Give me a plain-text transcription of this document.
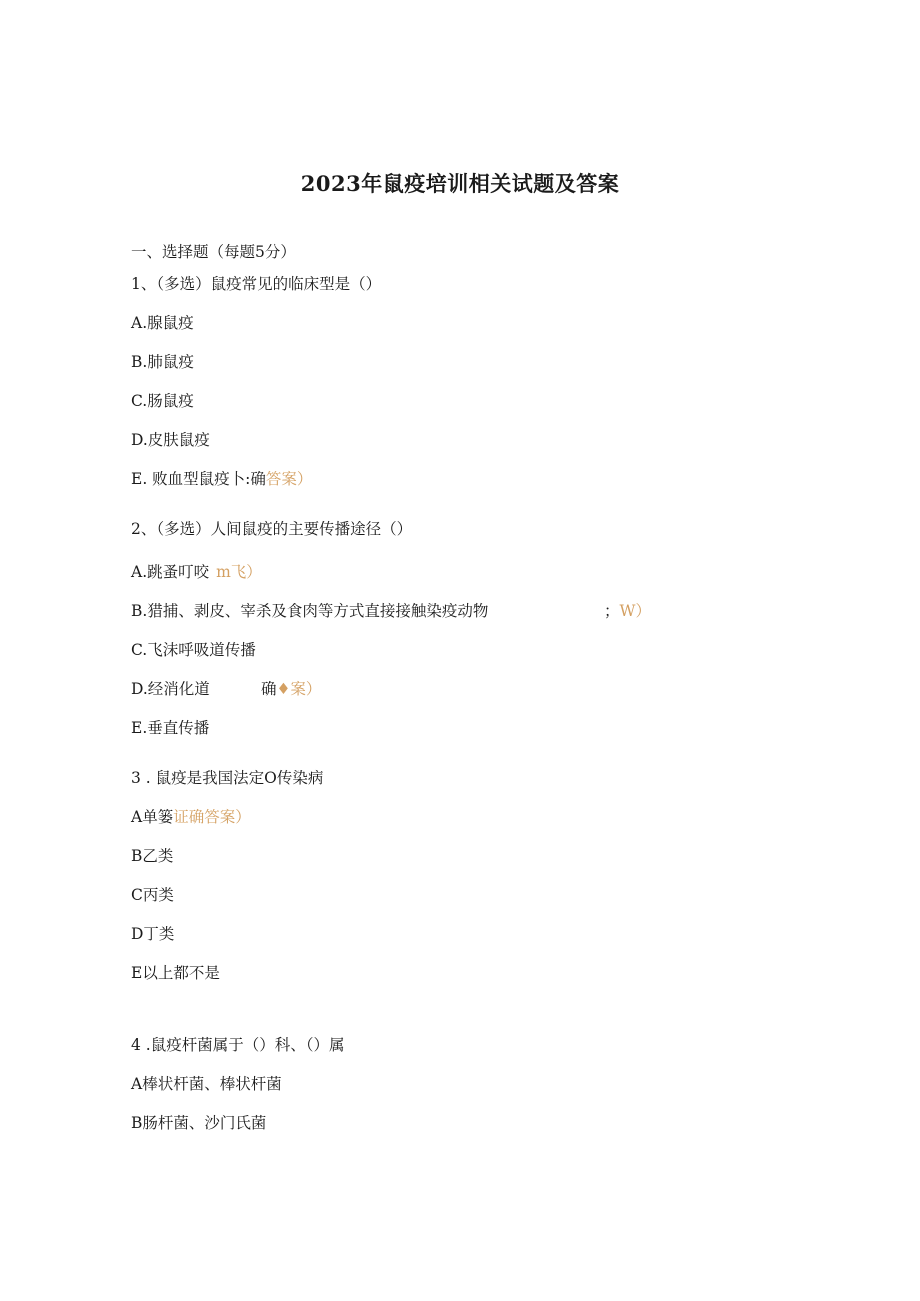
2023年鼠疫培训相关试题及答案
一、选择题（每题5分）
1、（多选）鼠疫常见的临床型是（）
A.腺鼠疫
B.肺鼠疫
C.肠鼠疫
D.皮肤鼠疫
E. 败血型鼠疫卜:确答案）
2、（多选）人间鼠疫的主要传播途径（）
A.跳蚤叮咬 m飞）
B.猎捕、剥皮、宰杀及食肉等方式直接接触染疫动物	；W）
C.飞沫呼吸道传播
D.经消化道	确♦案）
E.垂直传播
3 . 鼠疫是我国法定O传染病
A单篓证确答案）
B乙类
C丙类
D丁类
E以上都不是
4 .鼠疫杆菌属于（）科、（）属
A棒状杆菌、棒状杆菌
B肠杆菌、沙门氏菌
